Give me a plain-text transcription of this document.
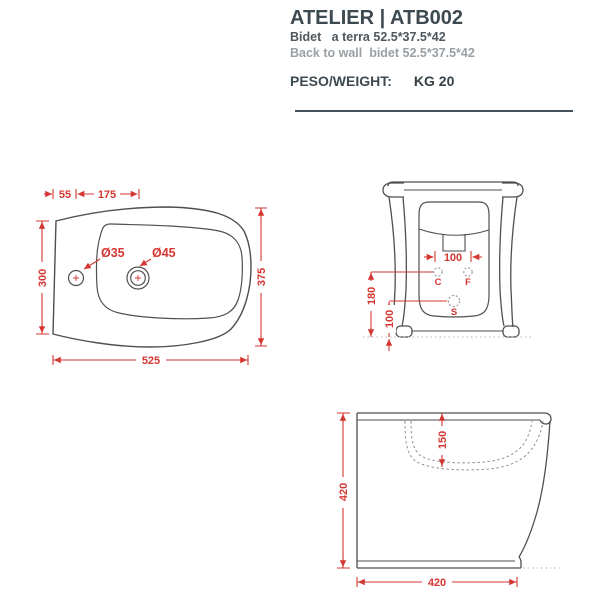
ATELIER | ATB002
Bidet   a terra 52.5*37.5*42
Back to wall  bidet 52.5*37.5*42
PESO/WEIGHT: KG 20
55 175
300	375
525
Ø35 Ø45	100
180
100
C F
S
420
150
420
